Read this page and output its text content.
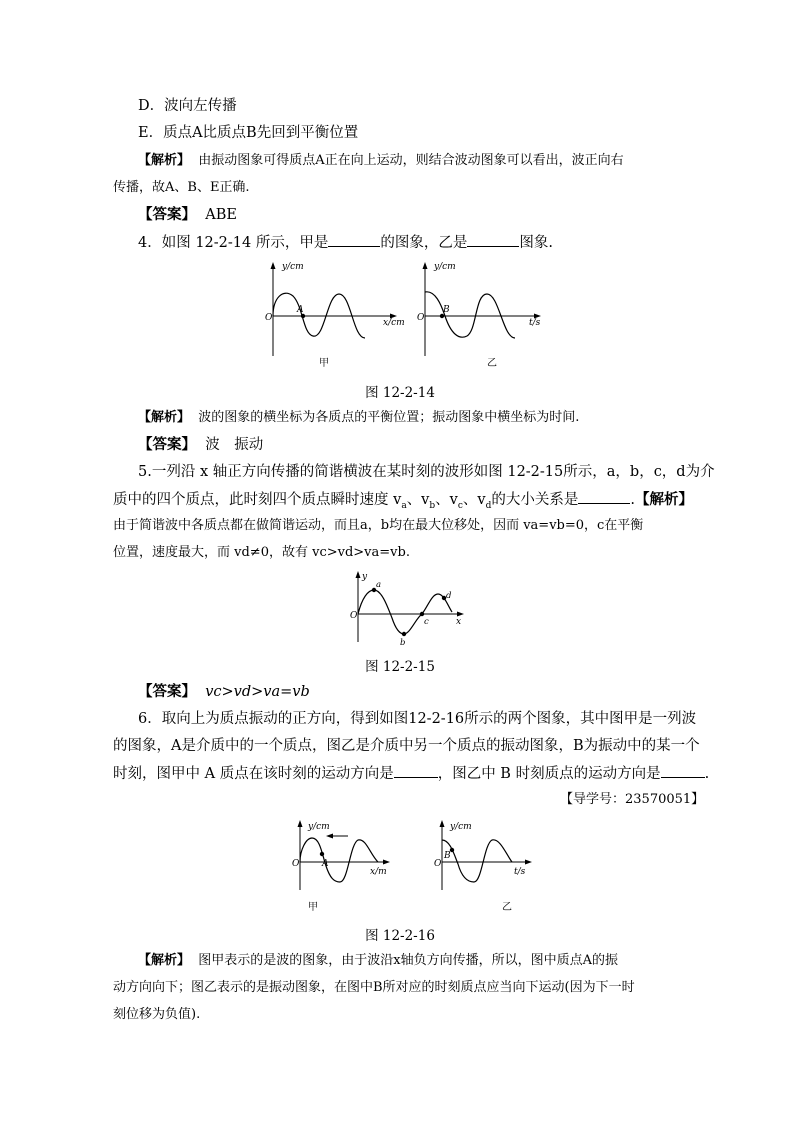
D．波向左传播
E．质点A比质点B先回到平衡位置
【解析】 由振动图象可得质点A正在向上运动，则结合波动图象可以看出，波正向右
传播，故A、B、E正确.
【答案】 ABE
4．如图 12-2-14 所示，甲是	的图象，乙是	图象.
y/cm
O
A
x/cm
甲
y/cm
O
B
t/s
乙
图 12-2-14
【解析】 波的图象的横坐标为各质点的平衡位置；振动图象中横坐标为时间.
【答案】 波　振动
5.一列沿 x 轴正方向传播的简谐横波在某时刻的波形如图 12-2-15所示，a，b，c，d为介
质中的四个质点，此时刻四个质点瞬时速度 $v_a$、$v_b$、$v_c$、$v_d$的大小关系是	.【解析】
由于简谐波中各质点都在做简谐运动，而且a，b均在最大位移处，因而 va=vb=0，c在平衡
位置，速度最大，而 vd≠0，故有 vc>vd>va=vb.
y
O
a
b
c
d
x
图 12-2-15
【答案】 vc>vd>va=vb
6．取向上为质点振动的正方向，得到如图12-2-16所示的两个图象，其中图甲是一列波
的图象，A是介质中的一个质点，图乙是介质中另一个质点的振动图象，B为振动中的某一个
时刻，图甲中 A 质点在该时刻的运动方向是	，图乙中 B 时刻质点的运动方向是	.
【导学号：23570051】
y/cm
O	A
x/m
甲
y/cm
O
B
t/s
乙
图 12-2-16
【解析】 图甲表示的是波的图象，由于波沿x轴负方向传播，所以，图中质点A的振
动方向向下；图乙表示的是振动图象，在图中B所对应的时刻质点应当向下运动(因为下一时
刻位移为负值).
